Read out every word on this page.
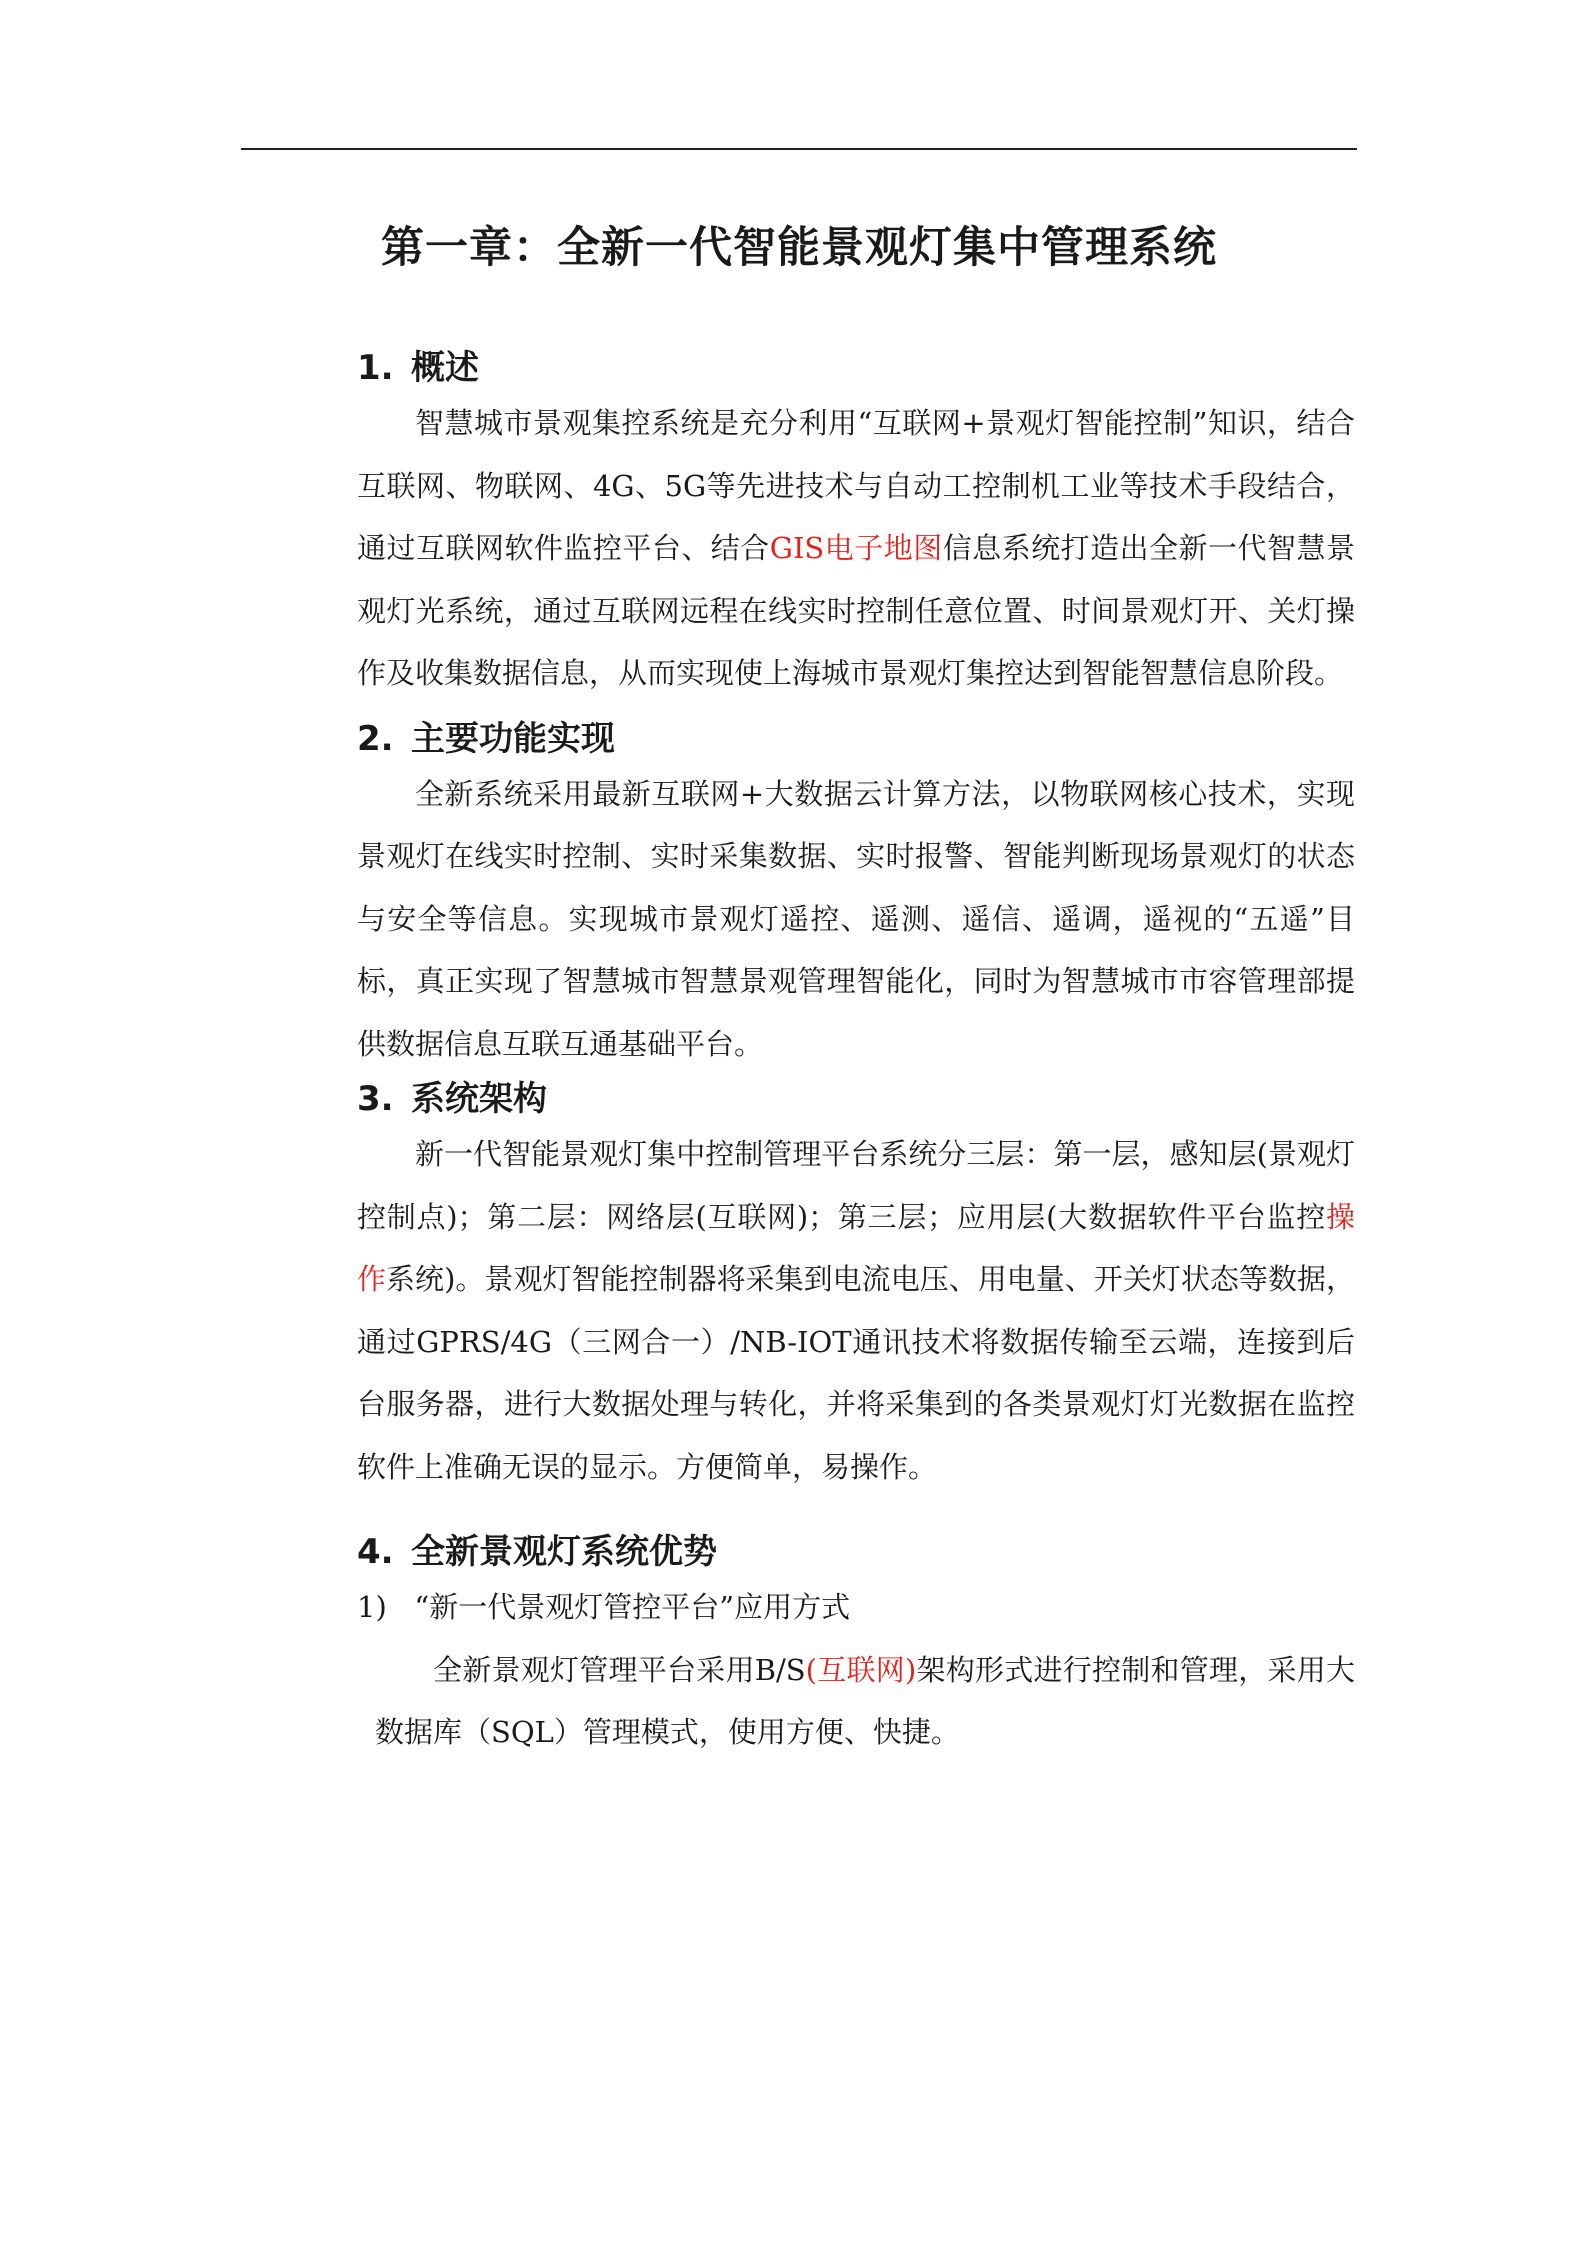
第一章：全新一代智能景观灯集中管理系统
1. 概述

智慧城市景观集控系统是充分利用“互联网+景观灯智能控制”知识，结合互联网、物联网、4G、5G等先进技术与自动工控制机工业等技术手段结合，通过互联网软件监控平台、结合GIS电子地图信息系统打造出全新一代智慧景观灯光系统，通过互联网远程在线实时控制任意位置、时间景观灯开、关灯操作及收集数据信息，从而实现使上海城市景观灯集控达到智能智慧信息阶段。

2. 主要功能实现

全新系统采用最新互联网+大数据云计算方法，以物联网核心技术，实现景观灯在线实时控制、实时采集数据、实时报警、智能判断现场景观灯的状态与安全等信息。实现城市景观灯遥控、遥测、遥信、遥调，遥视的“五遥”目标，真正实现了智慧城市智慧景观管理智能化，同时为智慧城市市容管理部提供数据信息互联互通基础平台。

3. 系统架构

新一代智能景观灯集中控制管理平台系统分三层：第一层，感知层(景观灯控制点)；第二层：网络层(互联网)；第三层；应用层(大数据软件平台监控操作系统)。景观灯智能控制器将采集到电流电压、用电量、开关灯状态等数据，通过GPRS/4G（三网合一）/NB-IOT通讯技术将数据传输至云端，连接到后台服务器，进行大数据处理与转化，并将采集到的各类景观灯灯光数据在监控软件上准确无误的显示。方便简单，易操作。

4. 全新景观灯系统优势

1) “新一代景观灯管控平台”应用方式

全新景观灯管理平台采用B/S(互联网)架构形式进行控制和管理，采用大数据库（SQL）管理模式，使用方便、快捷。
